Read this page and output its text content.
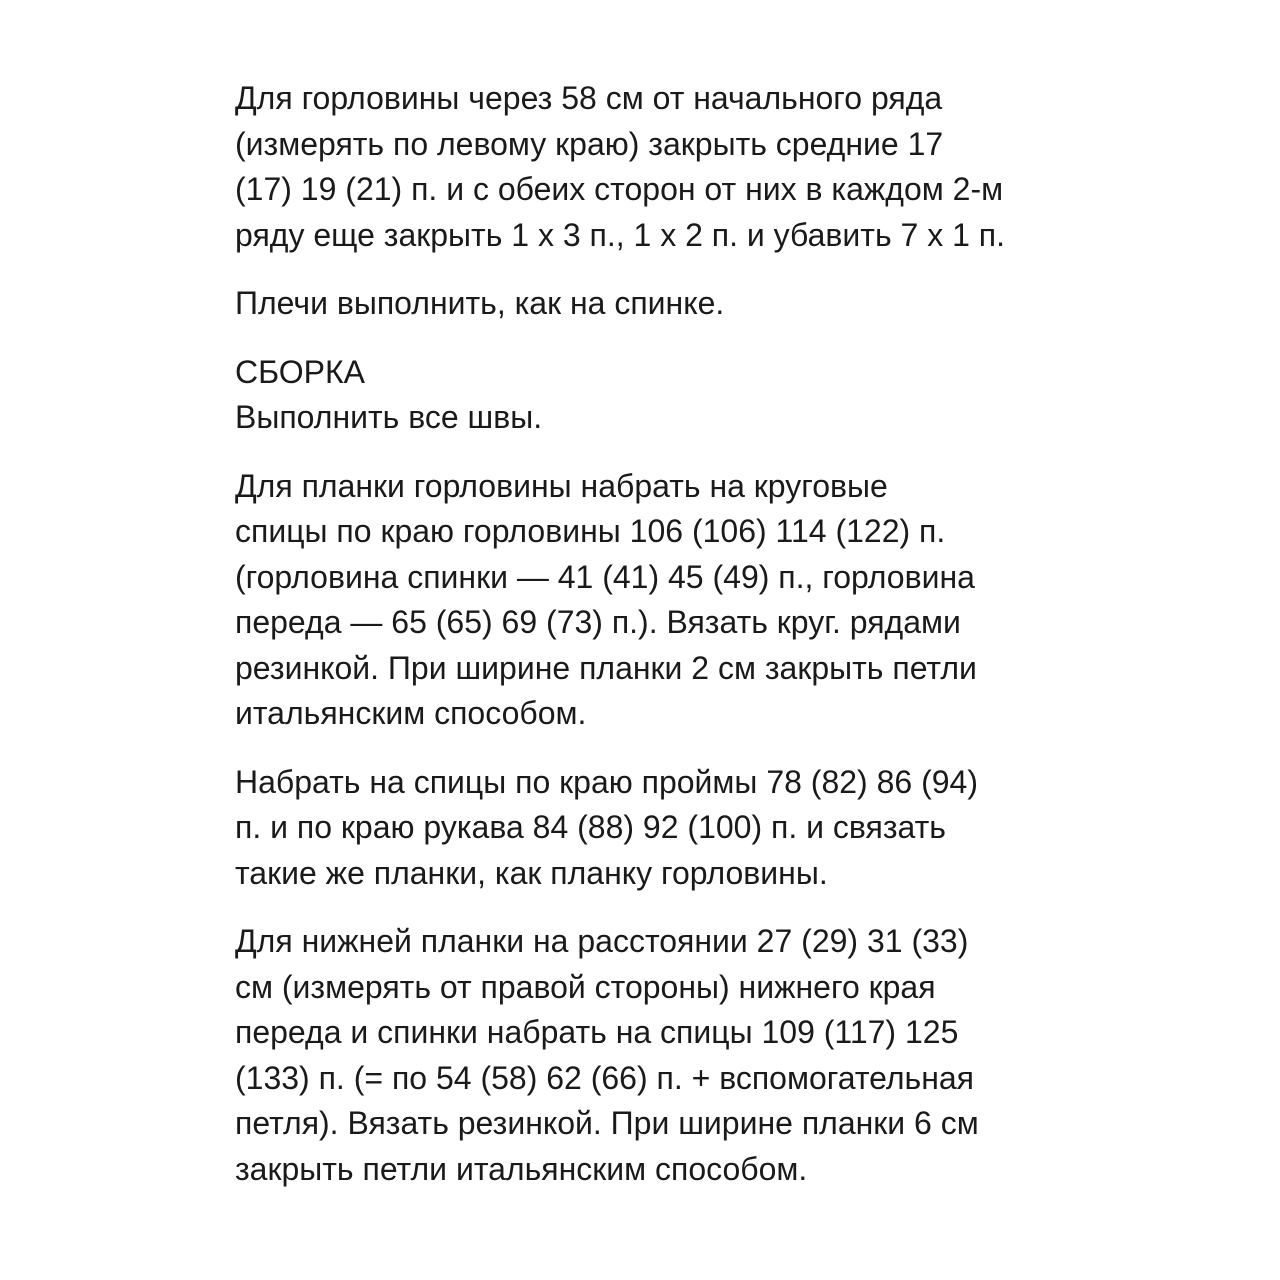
Для горловины через 58 см от начального ряда
(измерять по левому краю) закрыть средние 17
(17) 19 (21) п. и с обеих сторон от них в каждом 2-м
ряду еще закрыть 1 х 3 п., 1 х 2 п. и убавить 7 х 1 п.

Плечи выполнить, как на спинке.

СБОРКА
Выполнить все швы.

Для планки горловины набрать на круговые
спицы по краю горловины 106 (106) 114 (122) п.
(горловина спинки — 41 (41) 45 (49) п., горловина
переда — 65 (65) 69 (73) п.). Вязать круг. рядами
резинкой. При ширине планки 2 см закрыть петли
итальянским способом.

Набрать на спицы по краю проймы 78 (82) 86 (94)
п. и по краю рукава 84 (88) 92 (100) п. и связать
такие же планки, как планку горловины.

Для нижней планки на расстоянии 27 (29) 31 (33)
см (измерять от правой стороны) нижнего края
переда и спинки набрать на спицы 109 (117) 125
(133) п. (= по 54 (58) 62 (66) п. + вспомогательная
петля). Вязать резинкой. При ширине планки 6 см
закрыть петли итальянским способом.
